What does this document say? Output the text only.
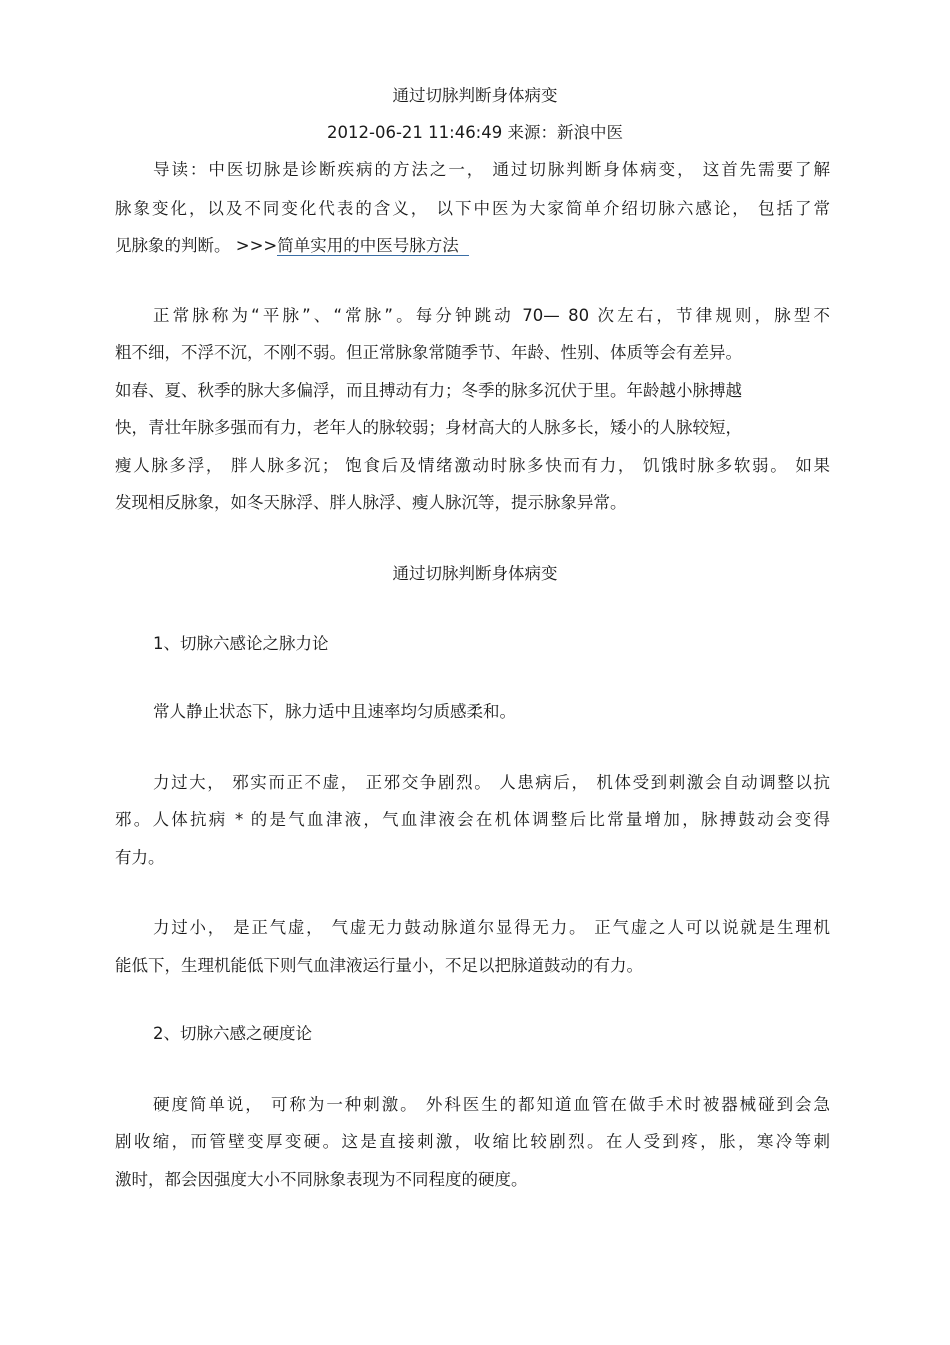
通过切脉判断身体病变
2012-06-21 11:46:49 来源：新浪中医
导读：中医切脉是诊断疾病的方法之一， 通过切脉判断身体病变， 这首先需要了解
脉象变化，以及不同变化代表的含义， 以下中医为大家简单介绍切脉六感论， 包括了常
见脉象的判断。 >>>简单实用的中医号脉方法
正常脉称为“平脉”、“常脉”。每分钟跳动 70— 80 次左右，节律规则，脉型不
粗不细，不浮不沉，不刚不弱。但正常脉象常随季节、年龄、性别、体质等会有差异。
如春、夏、秋季的脉大多偏浮，而且搏动有力；冬季的脉多沉伏于里。年龄越小脉搏越
快，青壮年脉多强而有力，老年人的脉较弱；身材高大的人脉多长，矮小的人脉较短，
瘦人脉多浮， 胖人脉多沉； 饱食后及情绪激动时脉多快而有力， 饥饿时脉多软弱。 如果
发现相反脉象，如冬天脉浮、胖人脉浮、瘦人脉沉等，提示脉象异常。
通过切脉判断身体病变
1、切脉六感论之脉力论
常人静止状态下，脉力适中且速率均匀质感柔和。
力过大， 邪实而正不虚， 正邪交争剧烈。 人患病后， 机体受到刺激会自动调整以抗
邪。人体抗病 * 的是气血津液，气血津液会在机体调整后比常量增加，脉搏鼓动会变得
有力。
力过小， 是正气虚， 气虚无力鼓动脉道尔显得无力。 正气虚之人可以说就是生理机
能低下，生理机能低下则气血津液运行量小，不足以把脉道鼓动的有力。
2、切脉六感之硬度论
硬度简单说， 可称为一种刺激。 外科医生的都知道血管在做手术时被器械碰到会急
剧收缩，而管壁变厚变硬。这是直接刺激，收缩比较剧烈。在人受到疼，胀，寒冷等刺
激时，都会因强度大小不同脉象表现为不同程度的硬度。
